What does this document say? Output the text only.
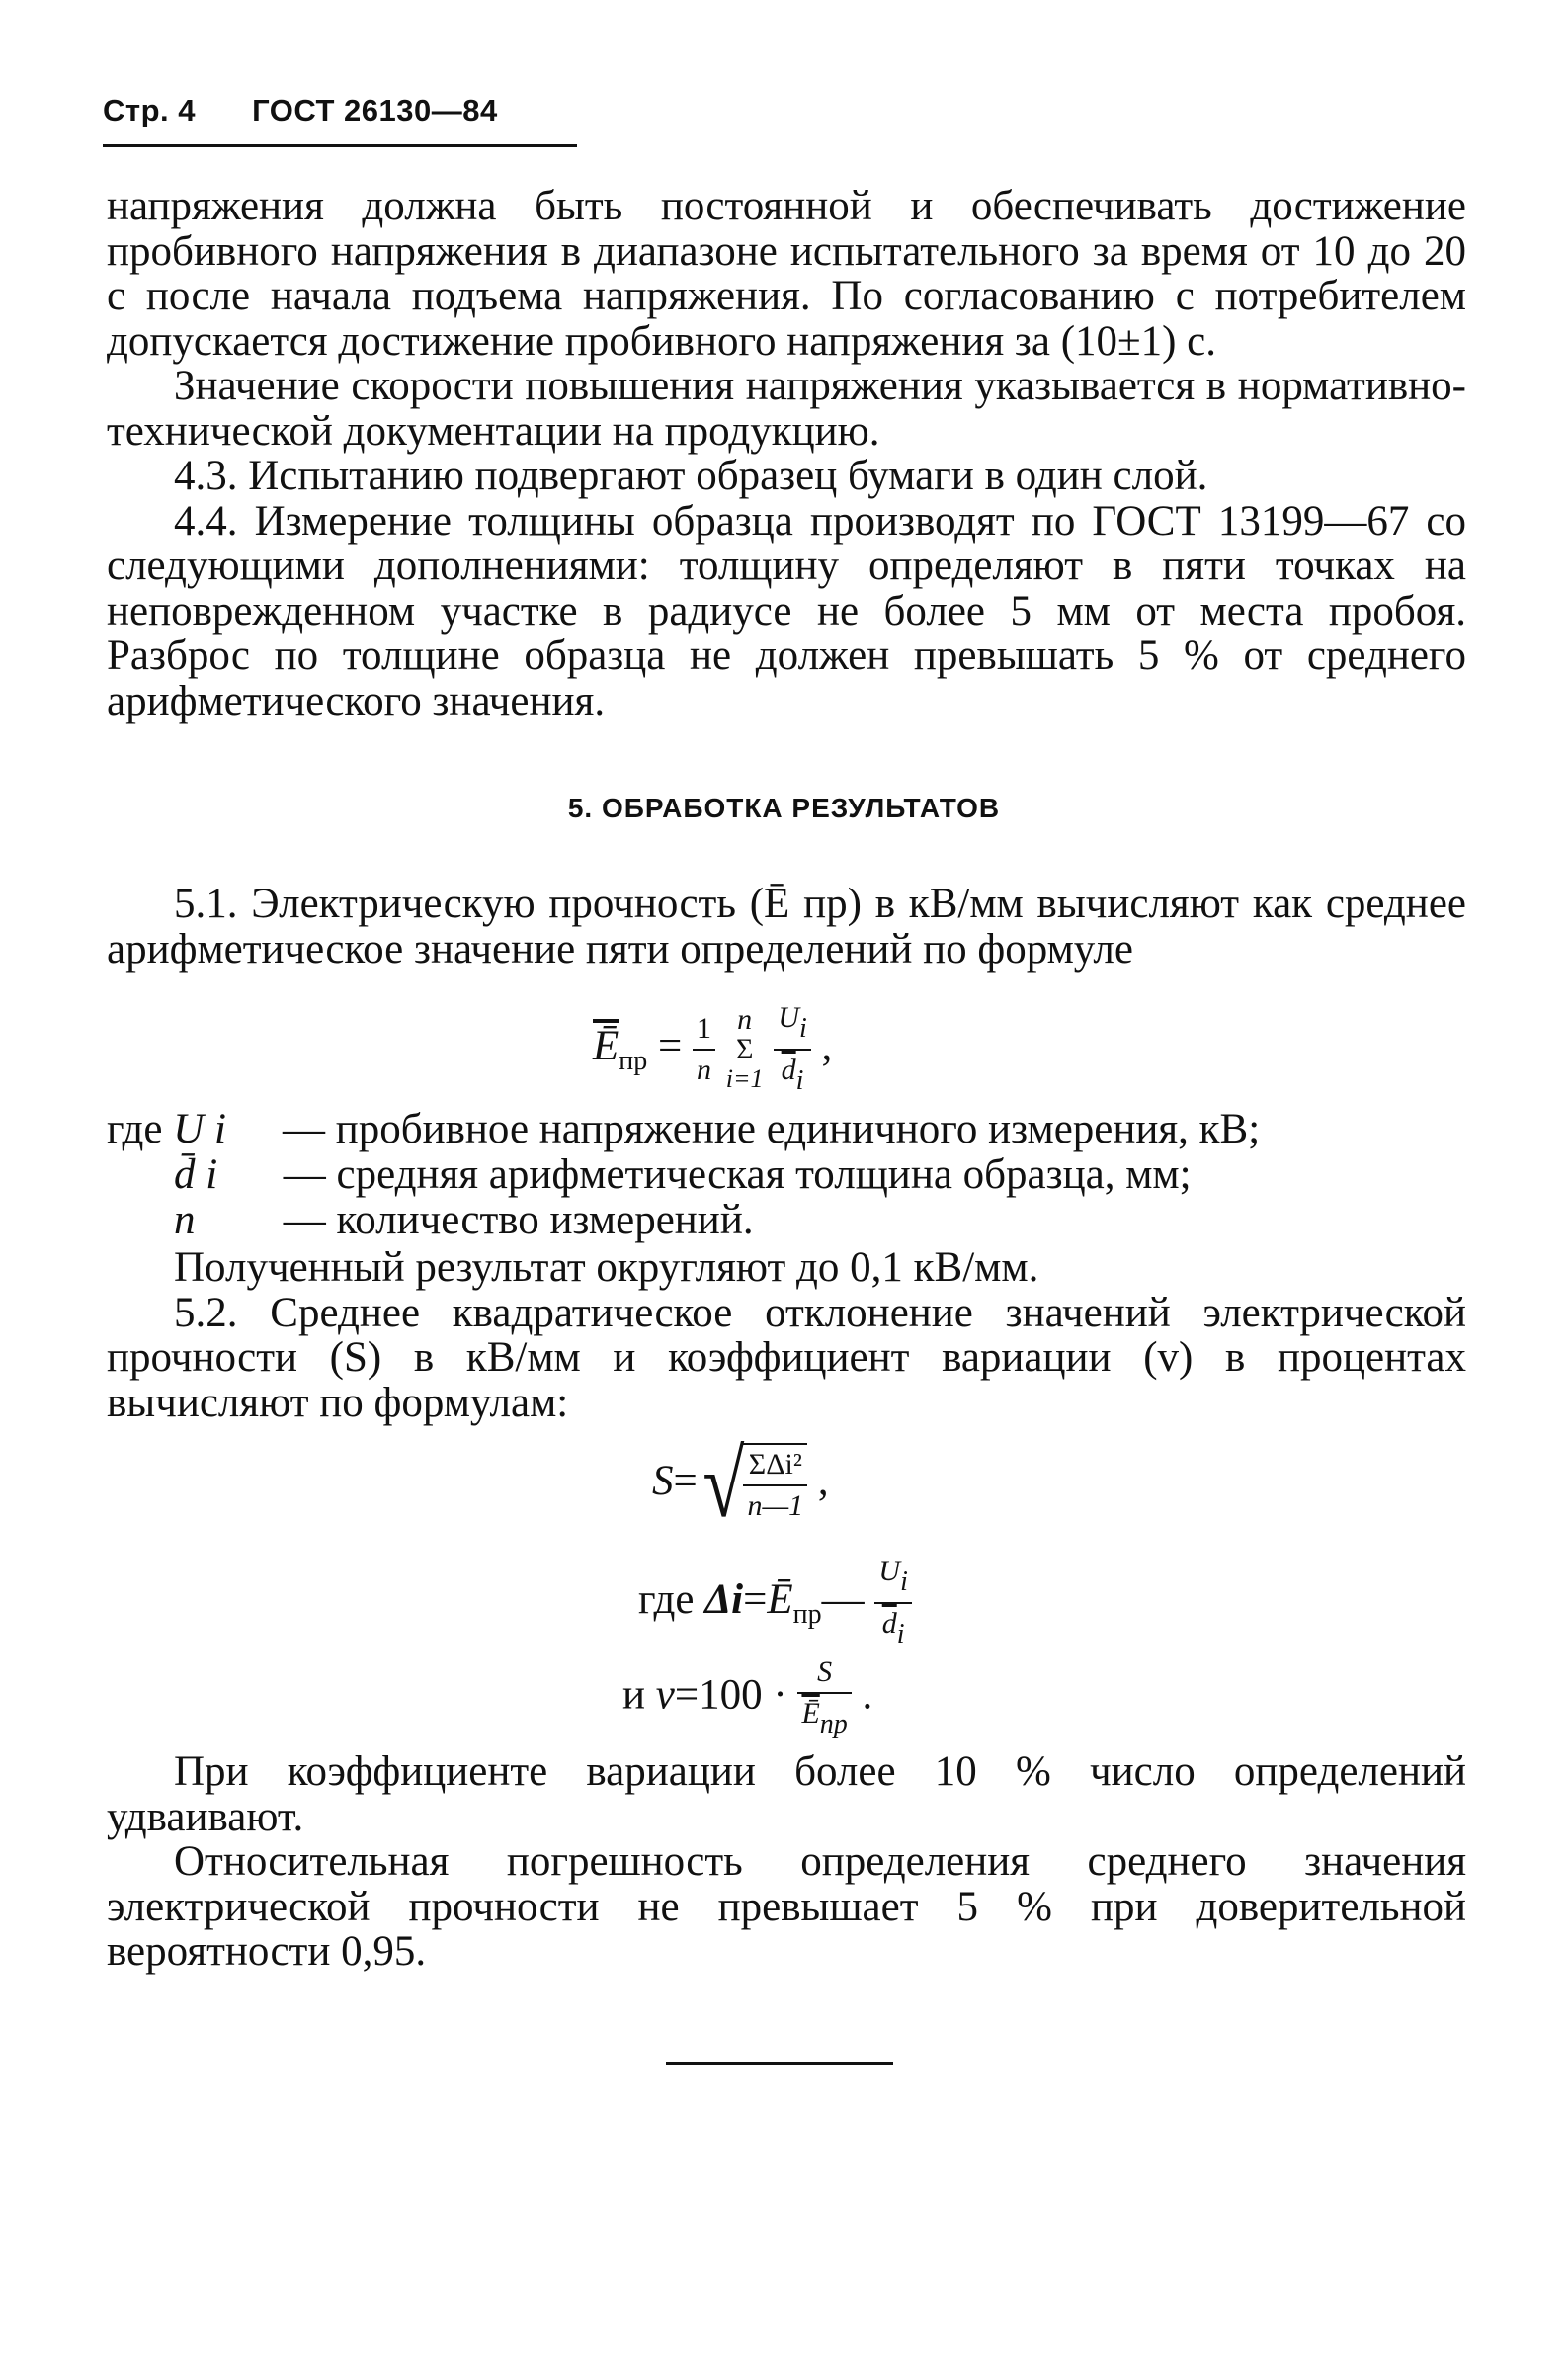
Стр. 4 ГОСТ 26130—84

напряжения должна быть постоянной и обеспечивать достижение пробивного напряжения в диапазоне испытательного за время от 10 до 20 с после начала подъема напряжения. По согласованию с потребителем допускается достижение пробивного напряжения за (10±1) с.

Значение скорости повышения напряжения указывается в нормативно-технической документации на продукцию.

4.3. Испытанию подвергают образец бумаги в один слой.

4.4. Измерение толщины образца производят по ГОСТ 13199—67 со следующими дополнениями: толщину определяют в пяти точках на неповрежденном участке в радиусе не более 5 мм от места пробоя. Разброс по толщине образца не должен превышать 5 % от среднего арифметического значения.

5. ОБРАБОТКА РЕЗУЛЬТАТОВ

5.1. Электрическую прочность (Ē пр) в кВ/мм вычисляют как среднее арифметическое значение пяти определений по формуле

$\overline{Ē}_{пр} = \frac{1}{n}$
n
Σ
i=1
$\frac{Ui}{\overline{d}i}$ ,
где U i — пробивное напряжение единичного измерения, кВ;
d̄ i — средняя арифметическая толщина образца, мм;
n — количество измерений.

Полученный результат округляют до 0,1 кВ/мм.

5.2. Среднее квадратическое отклонение значений электрической прочности (S) в кВ/мм и коэффициент вариации (v) в процентах вычисляют по формулам:

$S=√ \frac{\text{ΣΔi²}}{n—1}$ ,
где $\Delta i=Ē_{пр}— \frac{Ui}{\overline{d}i}$
и $v=100 \cdot \frac{S}{\overline{Ē}пр}$ .

При коэффициенте вариации более 10 % число определений удваивают.

Относительная погрешность определения среднего значения электрической прочности не превышает 5 % при доверительной вероятности 0,95.
